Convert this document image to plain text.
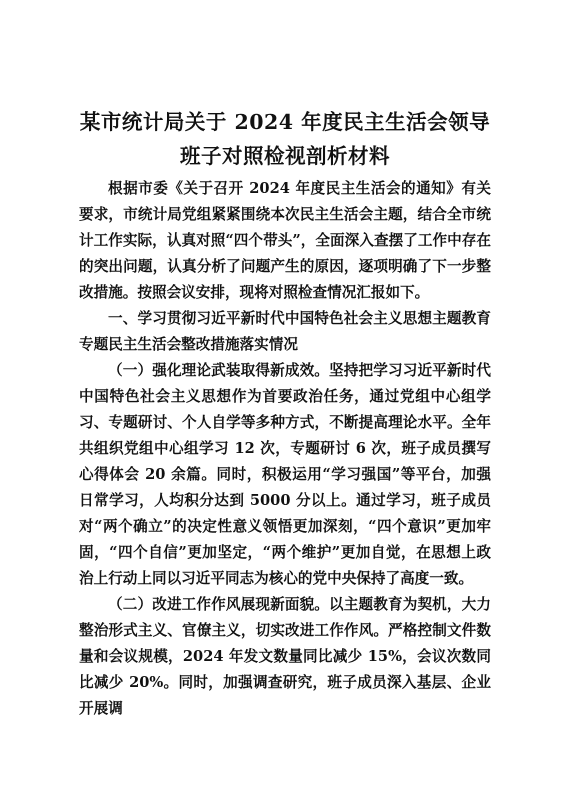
某市统计局关于 2024 年度民主生活会领导
班子对照检视剖析材料

根据市委《关于召开 2024 年度民主生活会的通知》有关要求，市统计局党组紧紧围绕本次民主生活会主题，结合全市统计工作实际，认真对照“四个带头”，全面深入查摆了工作中存在的突出问题，认真分析了问题产生的原因，逐项明确了下一步整改措施。按照会议安排，现将对照检查情况汇报如下。

一、学习贯彻习近平新时代中国特色社会主义思想主题教育专题民主生活会整改措施落实情况

（一）强化理论武装取得新成效。坚持把学习习近平新时代中国特色社会主义思想作为首要政治任务，通过党组中心组学习、专题研讨、个人自学等多种方式，不断提高理论水平。全年共组织党组中心组学习 12 次，专题研讨 6 次，班子成员撰写心得体会 20 余篇。同时，积极运用“学习强国”等平台，加强日常学习，人均积分达到 5000 分以上。通过学习，班子成员对“两个确立”的决定性意义领悟更加深刻，“四个意识”更加牢固，“四个自信”更加坚定，“两个维护”更加自觉，在思想上政治上行动上同以习近平同志为核心的党中央保持了高度一致。

（二）改进工作作风展现新面貌。以主题教育为契机，大力整治形式主义、官僚主义，切实改进工作作风。严格控制文件数量和会议规模，2024 年发文数量同比减少 15%，会议次数同比减少 20%。同时，加强调查研究，班子成员深入基层、企业开展调
